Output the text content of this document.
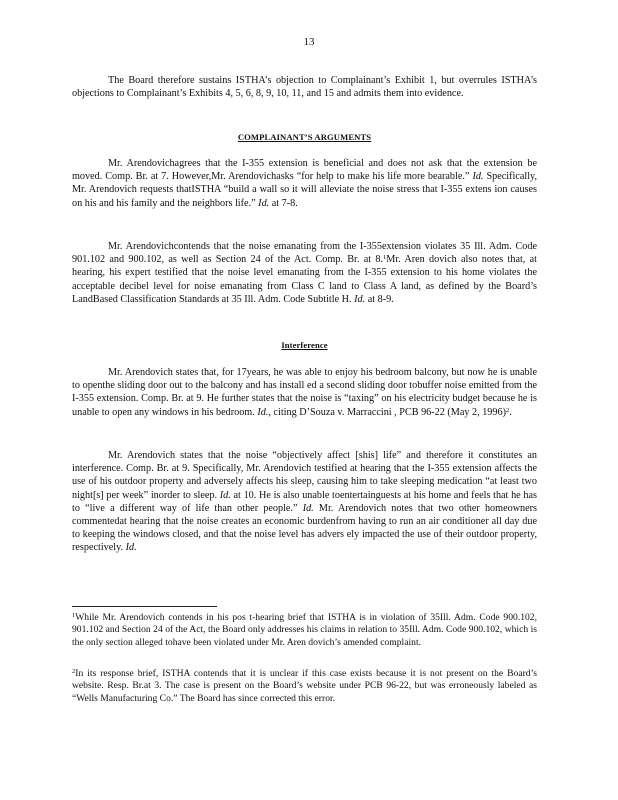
13

The Board therefore sustains ISTHA’s objection to Complainant’s Exhibit 1, but overrules ISTHA’s objections to Complainant’s Exhibits 4, 5, 6, 8, 9, 10, 11, and 15 and admits them into evidence.

COMPLAINANT’S ARGUMENTS

Mr. Arendovichagrees that the I-355 extension is beneficial and does not ask that the extension be moved. Comp. Br. at 7. However,Mr. Arendovichasks “for help to make his life more bearable.” Id. Specifically, Mr. Arendovich requests thatISTHA “build a wall so it will alleviate the noise stress that I-355 extens ion causes on his and his family and the neighbors life.” Id. at 7-8.

Mr. Arendovichcontends that the noise emanating from the I-355extension violates 35 Ill. Adm. Code 901.102 and 900.102, as well as Section 24 of the Act. Comp. Br. at 8.$^1$Mr. Aren dovich also notes that, at hearing, his expert testified that the noise level emanating from the I-355 extension to his home violates the acceptable decibel level for noise emanating from Class C land to Class A land, as defined by the Board’s LandBased Classification Standards at 35 Ill. Adm. Code Subtitle H. Id. at 8-9.

Interference

Mr. Arendovich states that, for 17years, he was able to enjoy his bedroom balcony, but now he is unable to openthe sliding door out to the balcony and has install ed a second sliding door tobuffer noise emitted from the I-355 extension. Comp. Br. at 9. He further states that the noise is “taxing” on his electricity budget because he is unable to open any windows in his bedroom. Id., citing D’Souza v. Marraccini , PCB 96-22 (May 2, 1996)$^2$.

Mr. Arendovich states that the noise “objectively affect [shis] life” and therefore it constitutes an interference. Comp. Br. at 9. Specifically, Mr. Arendovich testified at hearing that the I-355 extension affects the use of his outdoor property and adversely affects his sleep, causing him to take sleeping medication “at least two night[s] per week” inorder to sleep. Id. at 10. He is also unable toentertainguests at his home and feels that he has to “live a different way of life than other people.” Id. Mr. Arendovich notes that two other homeowners commentedat hearing that the noise creates an economic burdenfrom having to run an air conditioner all day due to keeping the windows closed, and that the noise level has advers ely impacted the use of their outdoor property, respectively. Id.

$^1$While Mr. Arendovich contends in his pos t-hearing brief that ISTHA is in violation of 35Ill. Adm. Code 900.102, 901.102 and Section 24 of the Act, the Board only addresses his claims in relation to 35Ill. Adm. Code 900.102, which is the only section alleged tohave been violated under Mr. Aren dovich’s amended complaint.
$^2$In its response brief, ISTHA contends that it is unclear if this case exists because it is not present on the Board’s website. Resp. Br.at 3. The case is present on the Board’s website under PCB 96-22, but was erroneously labeled as “Wells Manufacturing Co.” The Board has since corrected this error.
